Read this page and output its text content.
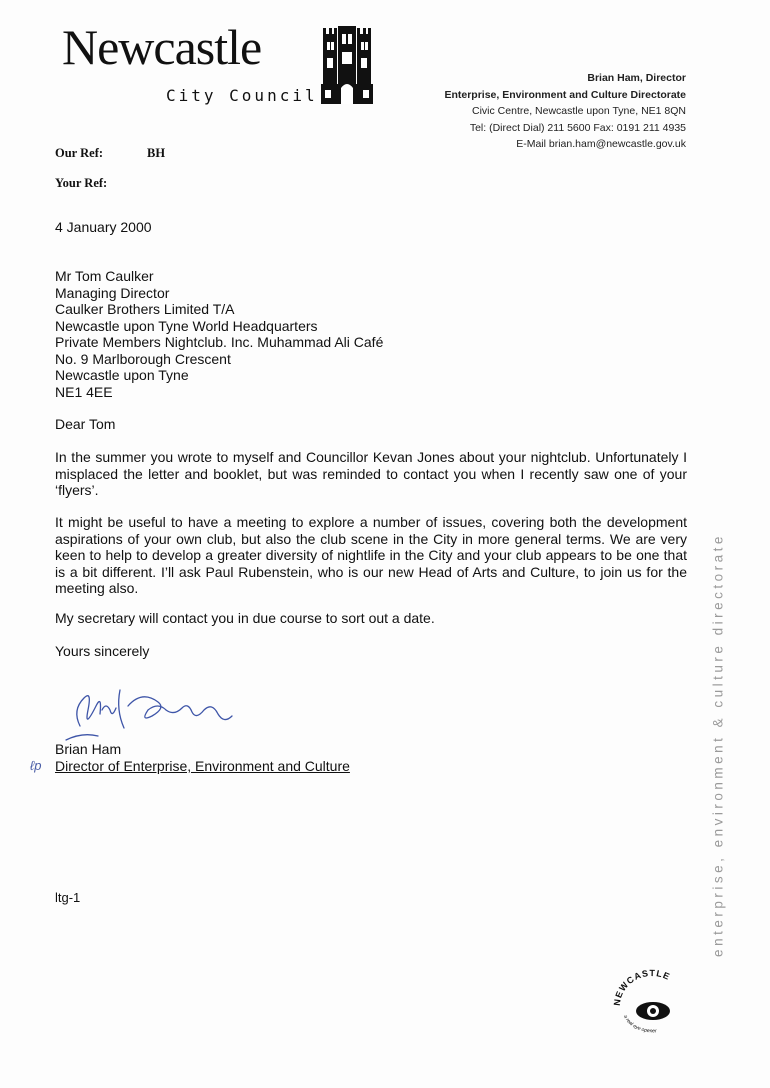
Newcastle
City Council
Brian Ham, Director
Enterprise, Environment and Culture Directorate
Civic Centre, Newcastle upon Tyne, NE1 8QN
Tel: (Direct Dial) 211 5600 Fax: 0191 211 4935
E-Mail brian.ham@newcastle.gov.uk
Our Ref:	BH
Your Ref:
4 January 2000
Mr Tom Caulker
Managing Director
Caulker Brothers Limited T/A
Newcastle upon Tyne World Headquarters
Private Members Nightclub. Inc. Muhammad Ali Café
No. 9 Marlborough Crescent
Newcastle upon Tyne
NE1 4EE
Dear Tom
In the summer you wrote to myself and Councillor Kevan Jones about your nightclub. Unfortunately I misplaced the letter and booklet, but was reminded to contact you when I recently saw one of your ‘flyers’.
It might be useful to have a meeting to explore a number of issues, covering both the development aspirations of your own club, but also the club scene in the City in more general terms. We are very keen to help to develop a greater diversity of nightlife in the City and your club appears to be one that is a bit different. I’ll ask Paul Rubenstein, who is our new Head of Arts and Culture, to join us for the meeting also.
My secretary will contact you in due course to sort out a date.
Yours sincerely
Brian Ham
Director of Enterprise, Environment and Culture
ℓp
ltg-1	enterprise, environment & culture directorate
NEWCASTLE
a real eye opener
